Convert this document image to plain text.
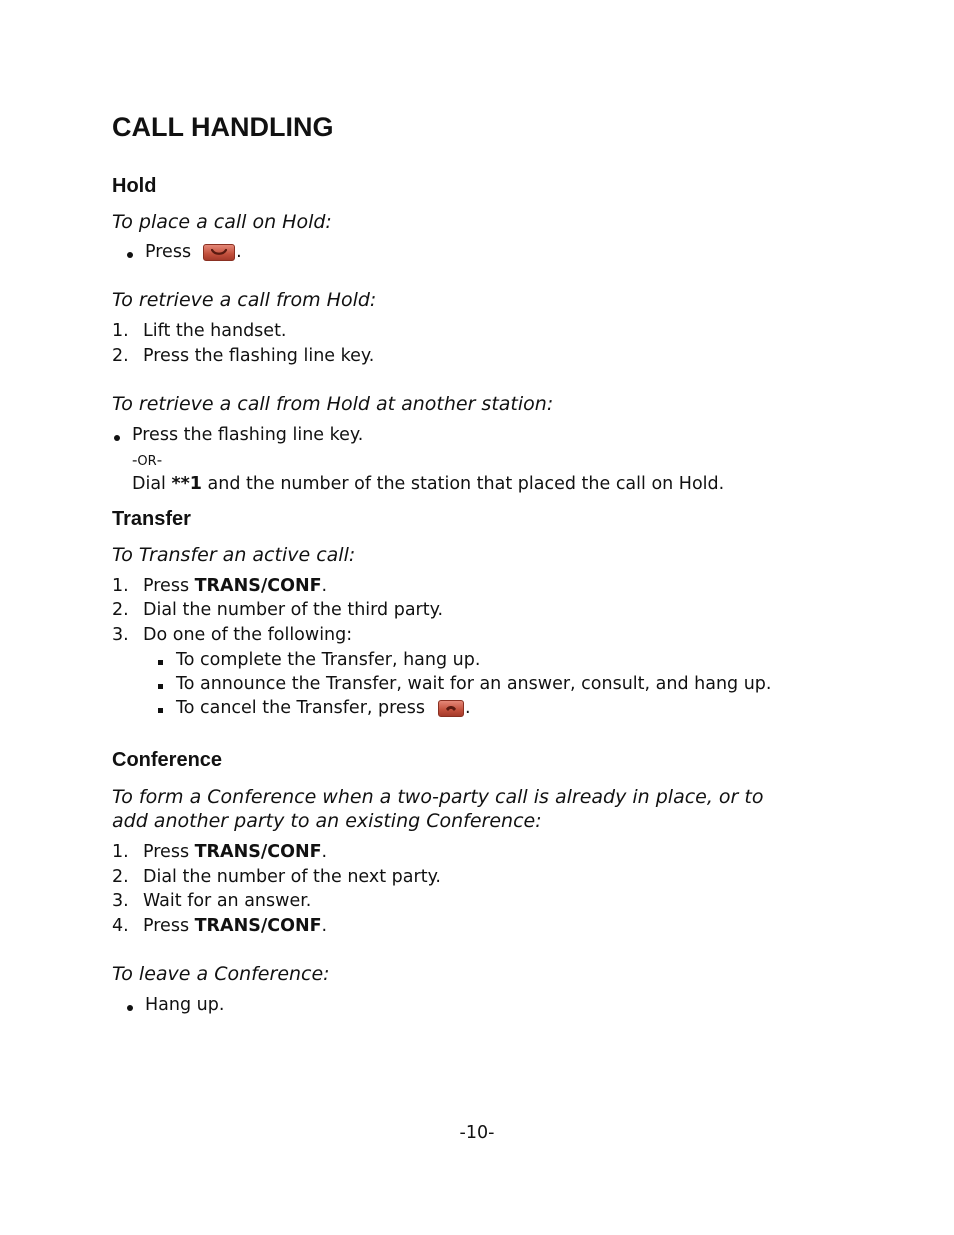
CALL HANDLING
Hold
To place a call on Hold:
Press	.
To retrieve a call from Hold:
1. Lift the handset.
2. Press the flashing line key.
To retrieve a call from Hold at another station:
Press the flashing line key.
-OR-
Dial **1 and the number of the station that placed the call on Hold.
Transfer
To Transfer an active call:
1. Press TRANS/CONF.
2. Dial the number of the third party.
3. Do one of the following:
To complete the Transfer, hang up.
To announce the Transfer, wait for an answer, consult, and hang up.
To cancel the Transfer, press .
Conference
To form a Conference when a two-party call is already in place, or to
add another party to an existing Conference:
1. Press TRANS/CONF.
2. Dial the number of the next party.
3. Wait for an answer.
4. Press TRANS/CONF.
To leave a Conference:
Hang up.
-10-
